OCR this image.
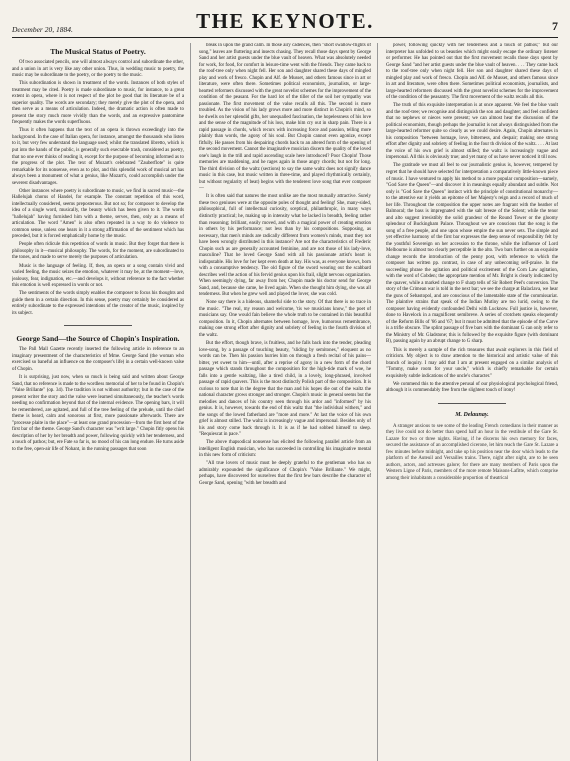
December 20, 1884.	THE KEYNOTE.	7
The Musical Status of Poetry.

Of two associated pencils, one will almost always control and subordinate the other, and a union in art is very like any other union. Thus, in wedding music to poetry, the music may be subordinate to the poetry, or the poetry to the music.

This subordination is shown in treatment of the words. Instances of both styles of treatment may be cited. Poetry is made subordinate to music, for instance, to a great extent in opera, where it is not respect of the plot be good that its literature be of a superior quality. The words are secondary; they merely give the plot of the opera, and then serve as a means of articulation. Indeed, the dramatic action is often made to present the story much more vividly than the words, and an expressive pantomime frequently makes the words superfluous.

Thus it often happens that the text of an opera is thrown exceedingly into the background. In the case of Italian opera, for instance, amongst the thousands who listen to it, but very few understand the language used; whilst the translated libretto, which is put into the hands of the public, is generally such execrable trash, considered as poetry, that no one ever thinks of reading it, except for the purpose of becoming informed as to the progress of the plot. The text of Mozart's celebrated "Zauberflote" is quite remarkable for its nonsense, even as to plot, and this splendid work of musical art has always been a monument of what a genius, like Mozart's, could accomplish under the severest disadvantages.

Other instances where poetry is subordinate to music, we find in sacred music—the Hallelujah chorus of Handel, for example. The constant repetition of this word, intellectually considered, seems preposterous. But not so; for composer to develop the idea of a single word, musically, the beauty which has been given to it. The words "hallelujah" having furnished him with a theme, serves, then, only as a means of articulation. The word "Amen" is also often repeated in a way to do violence to common sense, unless one hears in it a strong affirmation of the sentiment which has preceded, but it is forced emphatically home by the music.

People often ridicule this repetition of words in music. But they forget that there is philosophy in it—musical philosophy. The words, for the moment, are subordinated to the tones, and made to serve merely the purposes of articulation.

Music is the language of feeling. If, then, an opera or a song contain vivid and varied feeling, the music seizes the emotion, whatever it may be, at the moment—love, jealousy, fear, indignation, etc.—and develops it, without reference to the fact whether this emotion is well expressed in words or not.

The sentiments of the words simply enables the composer to focus his thoughts and guide them in a certain direction. In this sense, poetry may certainly be considered as entirely subordinate to the expressed intentions of the creator of the music, inspired by its subject.

George Sand—the Source of Chopin's Inspiration.

The Pall Mall Gazette recently inserted the following article in reference to an imaginary presentment of the characteristics of Mme. George Sand (the woman who exercised so baneful an influence on the composer's life) in a certain well-known valse of Chopin.

It is surprising, just now, when so much is being said and written about George Sand, that no reference is made to the wordless memorial of her to be found in Chopin's "Valse Brillante" (op. 34). The tradition is not without authority; but in the case of the present writer the story and the valse were learned simultaneously, the teacher's words needing no confirmation beyond that of the internal evidence. The opening bars, it will be remembered, are agitated, and full of the tree feeling of the prelude, until the chief theme is heard, calm and sonorous at first, more passionate afterwards. There are "processe plaite in the place"—at least one grand procession—from the first bent of the first bar of the theme. George Sand's character was "writ large." Chopin fitly opens his description of her by her breadth and power, following quickly with her tenderness, and a touch of pathos; but, ere Fate so far is, no mood of his can long endure. He turns aside to the free, open-air life of Nohant, in the running passages that soon

break in upon the grand calm. In those airy cadences, then "short swallow-flights of song," leaves are fluttering and insects chasing. They recall those days spent by George Sand and her artist guests under the blue vault of heaven. What was absolutely needed for work, for food, for comfort in leisure-time went with the friends. They came back to the roof-tree only when night fell. Her son and daughter shared these days of mingled play and work of fresco. Chopin and Alf. de Musset, and others famous since in art or literature, were often there. Sometimes political economists, journalists, or large-hearted reformers discussed with the great novelist schemes for the improvement of the condition of the peasant. For the hard lot of the tiller of the soil her sympathy was passionate. The first movement of the valse recalls all this. The second is more troubled. As the vision of his lady grows more and more distinct in Chopin's mind, so he dwells on her splendid gifts, her unequalled fascination, the hopelessness of his love and the sense of the magnitude of his loss, make him cry out in sharp pain. There is a rapid passage in chords, which recurs with increasing force and passion, telling more plainly than words, the agony of his soul. But Chopin cannot even agonize, except fitfully. He passes from his despairing chords back to an altered form of the opening of the second movement. Cannot the imaginative musician discern the quality of the loved one's laugh in the trill and rapid ascending scale here introduced? Poor Chopin! Those memories are maddening, and he rages again in those angry chords; but not for long. The third division of the waltz (sections) to say the same waltz does not signify dance music in this case, but music written in three-time, and played rhythmically certainly, but without regularity of beat) begins with the tenderest love song that ever composer—

It is often said that natures the most unlike are the most mutually attractive. Surely these two geniuses were at the opposite poles of thought and feeling! She, many-sided, philosophical, full of intellectual curiosity, sceptical, philanthropic, in many ways distinctly practical; he, making up in intensity what he lacked in breadth, feeling rather than reasoning; brilliant, easily moved, and with a magical power of creating emotion in others by his performance; not less than by his compositions. Supposing, as necessary, that men's minds are radically different from women's minds, must they not have been wrongly distributed in this instance? Are not the characteristics of Frederic Chopin such as are generally accounted feminine, and are not those of his lady-love, masculine? That he loved George Sand with all his passionate artist's heart is indisputable. His love for her kept even death at bay. His was, as everyone knows, born with a consumptive tendency. The old figure of the sword wearing out the scabbard describes well the action of his fervid genius upon his frail, slight nervous organization. When seemingly dying, far away from her, Chopin made his doctor send for George Sand, and, because she came, he lived again. When she thought him dying, she was all tenderness. But when he grew well and played the lover, she was cold.

None say there is a hideous, shameful side to the story. Of that there is no trace in the music. "The real, my reason and welcome, 'tis we musicians know," the poet of musicians say. One would fain believe the whole truth to be contained in this beautiful composition. In it, Chopin alternates between homage, love, humorous remembrance, making one strong effort after dignity and sobriety of feeling in the fourth division of the waltz.

But the effort, though brave, is fruitless, and he falls back into the tender, pleading love-song, by a passage of touching beauty, "sliding by semitones," eloquent as no words can be. Then his passion hurries him on through a fresh recital of his pains—bitter, yet sweet to him—until, after a reprise of agony in a new form of the chord passage which stands throughout the composition for the high-tide mark of woe, he falls into a gentle waltzing, like a tired child, in a lovely, long-phrased, involved passage of rapid quavers. This is the most distinctly Polish part of the composition. It is curious to note that in the degree that the man and his hopes die out of the waltz the national character grows stronger and stronger. Chopin's music in general seems but the melodies and dances of his country seen through his ardor and "informed" by his genius. It is, however, towards the end of this waltz that "the individual withers," and the songs of the lowed fatherland are "more and more." At last the voice of his own grief is almost stilled. The waltz is increasingly vague and impersonal. Besides only of his and story come back through it. It is as if he had sobbed himself to sleep. "Requiescat in pace."

The above rhapsodical nonsense has elicited the following parallel article from an intelligent English musician, who has succeeded in controlling his imaginative mental in this new form of criticism:

"All true lovers of music must be deeply grateful to the gentleman who has so admirably expounded the significance of Chopin's "Valse Brillante." We might, perhaps, have discovered for ourselves that the first few bars describe the character of George Sand, opening "with her breadth and

power, following quickly with her tenderness and a touch of pathos;" but our interpreter has unfolded to us beauties which might easily escape the ordinary listener or performer. He has pointed out that the first movement recalls those days spent by George Sand "and her artist guests under the blue vault of heaven. . . . They came back to the roof-tree only when night fell. Her son and daughter shared these days of mingled play and work of fresco. Chopin and Alf. de Musset, and others famous since in art and literature, were often there. Sometimes political economists, journalists, and large-hearted reformers discussed with the great novelist schemes for the improvement of the condition of the peasantry. The first movement of the waltz recalls all this.

The truth of this exquisite interpretation is at once apparent. We feel the blue vault and the roof-tree; we recognise and distinguish the son and daughter; and feel confident that no nephews or nieces were present; we can almost hear the discussion of the political economists, though perhaps the journalist is not always distinguished from the large-hearted reformer quite so clearly as we could desire. Again, Chopin alternates in his composition "between homage, love, bitterness, and despair; making one strong effort after dignity and sobriety of feeling in the four th division of the waltz. . . . At last the voice of his own grief is almost stilled; the waltz is increasingly vague and impersonal. All this is obviously true; and yet many of us have never noticed it till now.

The gratitude we must all feel to our journalistic genius is, however, tempered by regret that he should have selected for interpretation a comparatively little-known piece of music. I have ventured to apply his method to a more popular composition—namely, "God Save the Queen"—and discover it in meanings equally abundant and subtle. Not only is "God Save the Queen" instinct with the principle of constitutional monarchy—to the attentive ear it yields an epitome of her Majesty's reign and a record of much of her life. Throughout the composition the upper notes are fragrant with the heather of Balmoral; the bass is impregnated with the salt breeze of the Solent; while the tenor and alto suggest irresistibly the solid grandeur of the Round Tower or the gloomy splendour of Buckingham Palace. Throughout we are conscious that the song is the song of a free people, and one upon whose empire the sun never sets. The simple and yet effective harmony of the first bar expresses the deep sense of responsibility felt by the youthful Sovereign on her accession to the throne, while the influence of Lord Melbourne is almost too clearly perceptible in the alto. Two bars further on an exquisite change records the introduction of the penny post, with reference to which the composer has written pp. contrast, in case of any unbecoming self-praise. In the succeeding phrase the agitation and political excitement of the Corn Law agitation, with the word of Cobden; the appropriate mention of Mr. Bright is clearly indicated by the quaver, while a marked change to F sharp tells of Sir Robert Peel's conversion. The story of the Crimean war is told in the next bar; we see the charge at Balaclava, we hear the guns of Sebastopol, and are conscious of the lamentable state of the commissariat. The plaintive strains that speak of the Indian Mutiny are too lurid, owing to the composer having evidently confounded Delhi with Lucknow. Full justice is, however, done to Havelock in a magnificent semibreve. A series of crotchets speaks eloquently of the Reform Bills of '66 and '67; but it must be admitted that the episode of the Carve is a trifle obscure. The splint passage of five bars with the dominant G can only refer to the Ministry of Mr. Gladstone; this is followed by the exquisite figure (with dominant B), passing again by an abrupt change to G sharp.

This is merely a sample of the rich treasures that await explorers in this field of criticism. My object is to draw attention to the historical and artistic value of this branch of inquiry. I may add that I am at present engaged on a similar analysis of "Tommy, make room for your uncle," which is chiefly remarkable for certain exquisitely subtle indications of the uncle's character."

We commend this to the attentive perusal of our physiological psychological friend, although it is commendably free from the slightest touch of irony!

M. Delaunay.

A stranger anxious to see some of the leading French comedians in their manner as they live could not do better than spend half an hour in the vestibule of the Gare St. Lazare for two or three nights. Having, if he discerns his own memory for faces, secured the assistance of an accomplished cicerone, let him reach the Gare St. Lazare a few minutes before midnight, and take up his position near the door which leads to the platform of the Auteuil and Versailles trains. There, night after night, are to be seen authors, actors, and actresses galore; for there are many members of Paris upon the Western Ligne of Paris, members of the more remote Maisons-Lafitte, which comprise among their inhabitants a considerable proportion of theatrical
